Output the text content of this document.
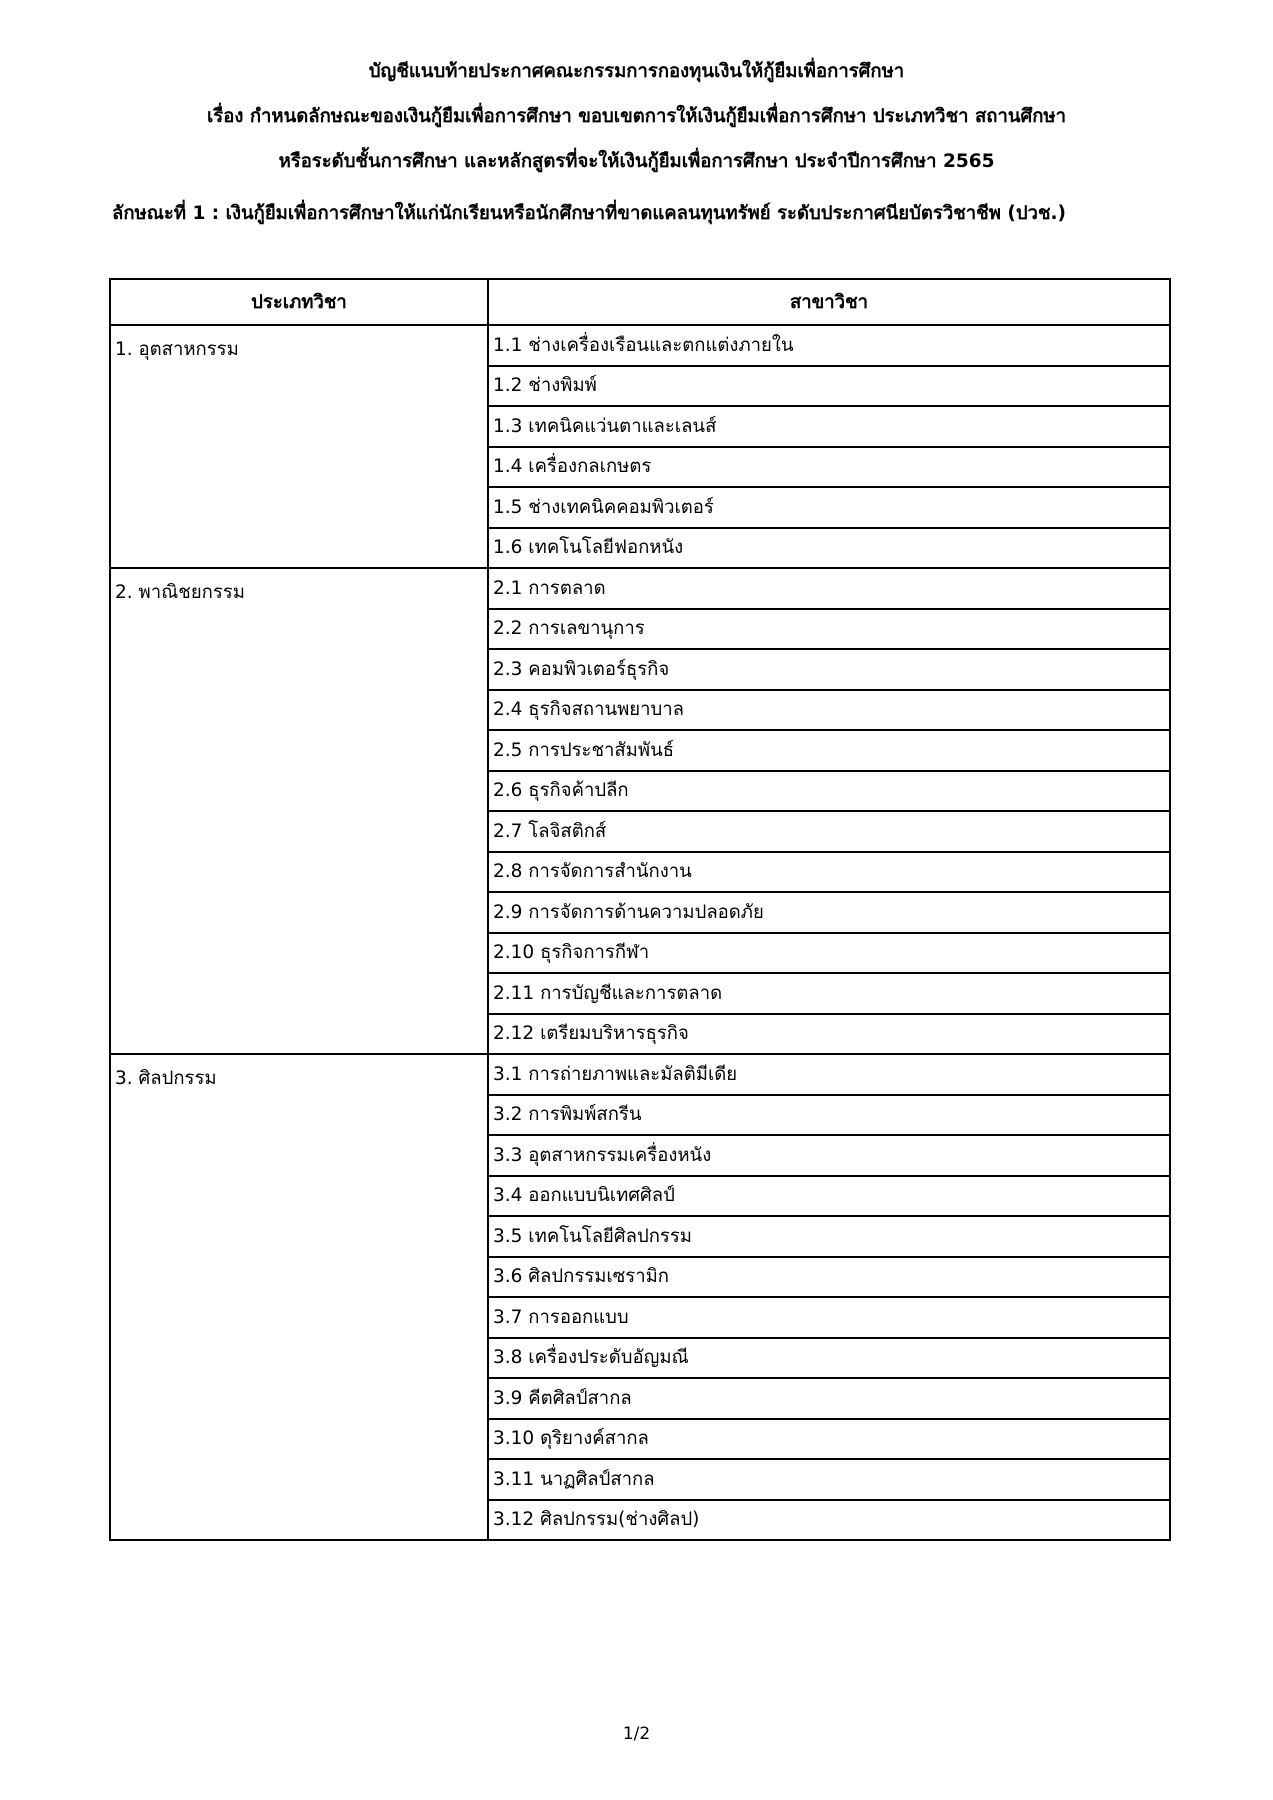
บัญชีแนบท้ายประกาศคณะกรรมการกองทุนเงินให้กู้ยืมเพื่อการศึกษา
เรื่อง กำหนดลักษณะของเงินกู้ยืมเพื่อการศึกษา ขอบเขตการให้เงินกู้ยืมเพื่อการศึกษา ประเภทวิชา สถานศึกษา
หรือระดับชั้นการศึกษา และหลักสูตรที่จะให้เงินกู้ยืมเพื่อการศึกษา ประจำปีการศึกษา 2565
ลักษณะที่ 1 : เงินกู้ยืมเพื่อการศึกษาให้แก่นักเรียนหรือนักศึกษาที่ขาดแคลนทุนทรัพย์ ระดับประกาศนียบัตรวิชาชีพ (ปวช.)
ประเภทวิชา	สาขาวิชา
1. อุตสาหกรรม	1.1 ช่างเครื่องเรือนและตกแต่งภายใน
	1.2 ช่างพิมพ์
	1.3 เทคนิคแว่นตาและเลนส์
	1.4 เครื่องกลเกษตร
	1.5 ช่างเทคนิคคอมพิวเตอร์
	1.6 เทคโนโลยีฟอกหนัง
2. พาณิชยกรรม	2.1 การตลาด
	2.2 การเลขานุการ
	2.3 คอมพิวเตอร์ธุรกิจ
	2.4 ธุรกิจสถานพยาบาล
	2.5 การประชาสัมพันธ์
	2.6 ธุรกิจค้าปลีก
	2.7 โลจิสติกส์
	2.8 การจัดการสำนักงาน
	2.9 การจัดการด้านความปลอดภัย
	2.10 ธุรกิจการกีฬา
	2.11 การบัญชีและการตลาด
	2.12 เตรียมบริหารธุรกิจ
3. ศิลปกรรม	3.1 การถ่ายภาพและมัลติมีเดีย
	3.2 การพิมพ์สกรีน
	3.3 อุตสาหกรรมเครื่องหนัง
	3.4 ออกแบบนิเทศศิลป์
	3.5 เทคโนโลยีศิลปกรรม
	3.6 ศิลปกรรมเซรามิก
	3.7 การออกแบบ
	3.8 เครื่องประดับอัญมณี
	3.9 คีตศิลป์สากล
	3.10 ดุริยางค์สากล
	3.11 นาฏศิลป์สากล
	3.12 ศิลปกรรม(ช่างศิลป)
1/2
